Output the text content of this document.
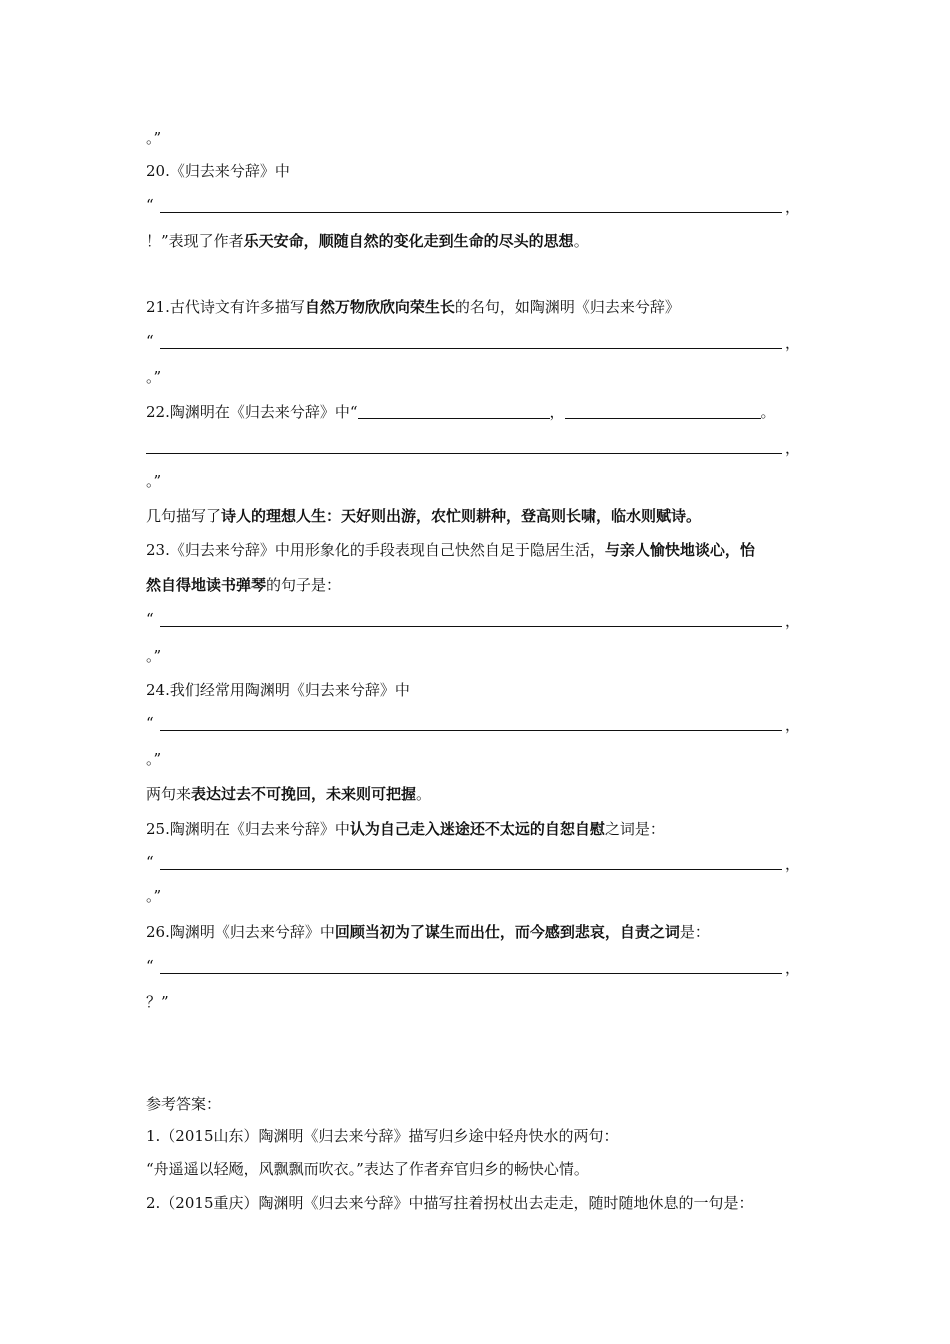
。”
20.《归去来兮辞》中
“	，
！”表现了作者乐天安命，顺随自然的变化走到生命的尽头的思想。
21.古代诗文有许多描写自然万物欣欣向荣生长的名句，如陶渊明《归去来兮辞》
“	，
。”
22.陶渊明在《归去来兮辞》中“	，	。
，
。”
几句描写了诗人的理想人生：天好则出游，农忙则耕种，登高则长啸，临水则赋诗。
23.《归去来兮辞》中用形象化的手段表现自己快然自足于隐居生活，与亲人愉快地谈心，怡
然自得地读书弹琴的句子是：
“	，
。”
24.我们经常用陶渊明《归去来兮辞》中
“	，
。”
两句来表达过去不可挽回，未来则可把握。
25.陶渊明在《归去来兮辞》中认为自己走入迷途还不太远的自恕自慰之词是：
“	，
。”
26.陶渊明《归去来兮辞》中回顾当初为了谋生而出仕，而今感到悲哀，自责之词是：
“	，
？”
参考答案：
1.（2015山东）陶渊明《归去来兮辞》描写归乡途中轻舟快水的两句：
“舟遥遥以轻飏，风飘飘而吹衣。”表达了作者弃官归乡的畅快心情。
2.（2015重庆）陶渊明《归去来兮辞》中描写拄着拐杖出去走走，随时随地休息的一句是：
